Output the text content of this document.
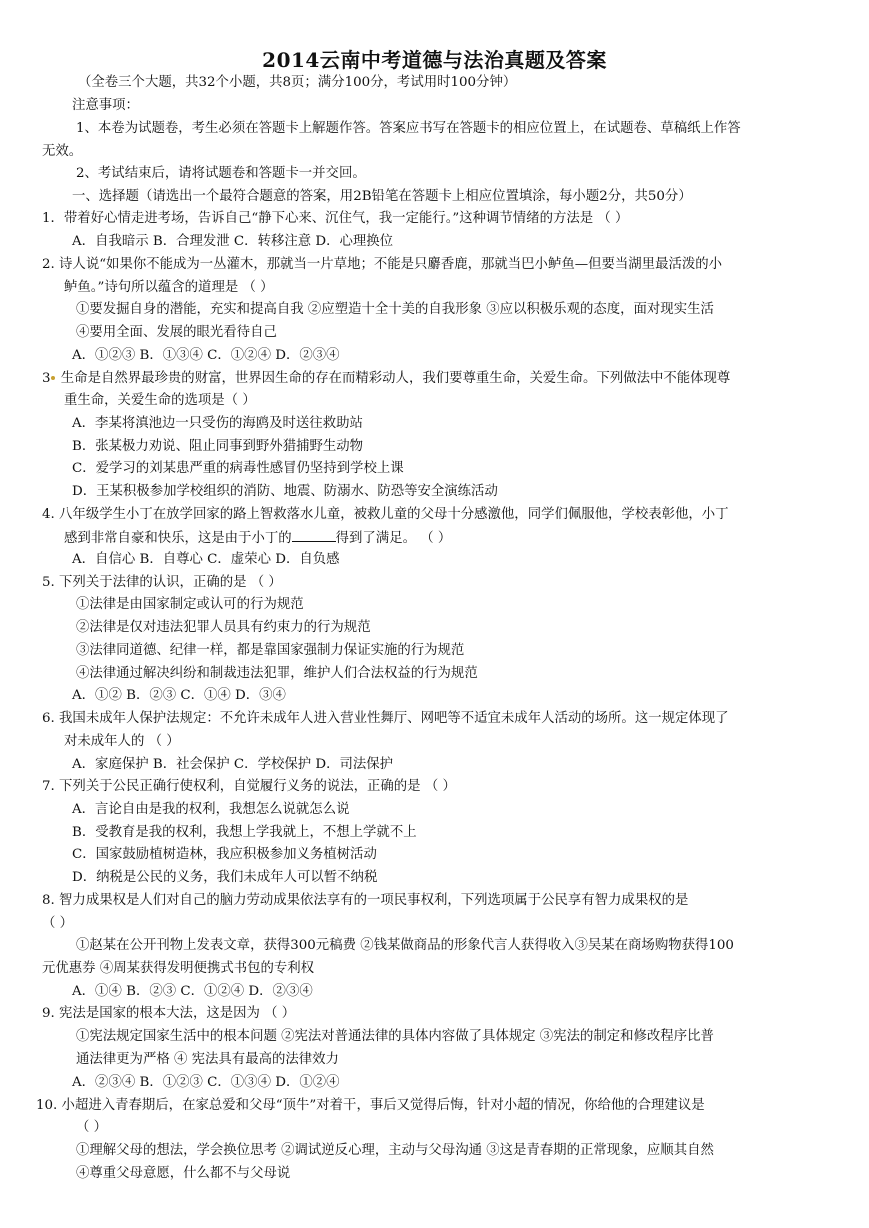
2014云南中考道德与法治真题及答案
（全卷三个大题，共32个小题，共8页；满分100分，考试用时100分钟）
注意事项：
1、本卷为试题卷，考生必须在答题卡上解题作答。答案应书写在答题卡的相应位置上，在试题卷、草稿纸上作答
无效。
2、考试结束后，请将试题卷和答题卡一并交回。
一、选择题（请选出一个最符合题意的答案，用2B铅笔在答题卡上相应位置填涂，每小题2分，共50分）
1．带着好心情走进考场，告诉自己“静下心来、沉住气，我一定能行。”这种调节情绪的方法是 （ ）
A．自我暗示 B．合理发泄 C．转移注意 D．心理换位
2. 诗人说“如果你不能成为一丛灌木，那就当一片草地；不能是只麝香鹿，那就当巴小鲈鱼—但要当湖里最活泼的小
鲈鱼。”诗句所以蕴含的道理是 （ ）
①要发掘自身的潜能，充实和提高自我 ②应塑造十全十美的自我形象 ③应以积极乐观的态度，面对现实生活
④要用全面、发展的眼光看待自己
A．①②③ B．①③④ C．①②④ D．②③④
3 生命是自然界最珍贵的财富，世界因生命的存在而精彩动人，我们要尊重生命，关爱生命。下列做法中不能体现尊
重生命，关爱生命的选项是（ ）
A．李某将滇池边一只受伤的海鸥及时送往救助站
B．张某极力劝说、阻止同事到野外猎捕野生动物
C．爱学习的刘某患严重的病毒性感冒仍坚持到学校上课
D．王某积极参加学校组织的消防、地震、防溺水、防恐等安全演练活动
4. 八年级学生小丁在放学回家的路上智救落水儿童，被救儿童的父母十分感激他，同学们佩服他，学校表彰他，小丁
感到非常自豪和快乐，这是由于小丁的	得到了满足。 （ ）
A．自信心 B．自尊心 C．虚荣心 D．自负感
5. 下列关于法律的认识，正确的是 （ ）
①法律是由国家制定或认可的行为规范
②法律是仅对违法犯罪人员具有约束力的行为规范
③法律同道德、纪律一样，都是靠国家强制力保证实施的行为规范
④法律通过解决纠纷和制裁违法犯罪，维护人们合法权益的行为规范
A．①② B．②③ C．①④ D．③④
6. 我国未成年人保护法规定：不允许未成年人进入营业性舞厅、网吧等不适宜未成年人活动的场所。这一规定体现了
对未成年人的 （ ）
A．家庭保护 B．社会保护 C．学校保护 D．司法保护
7. 下列关于公民正确行使权利，自觉履行义务的说法，正确的是 （ ）
A．言论自由是我的权利，我想怎么说就怎么说
B．受教育是我的权利，我想上学我就上，不想上学就不上
C．国家鼓励植树造林，我应积极参加义务植树活动
D．纳税是公民的义务，我们未成年人可以暂不纳税
8. 智力成果权是人们对自己的脑力劳动成果依法享有的一项民事权利，下列选项属于公民享有智力成果权的是
（ ）
①赵某在公开刊物上发表文章，获得300元稿费 ②钱某做商品的形象代言人获得收入③吴某在商场购物获得100
元优惠券 ④周某获得发明便携式书包的专利权
A．①④ B．②③ C．①②④ D．②③④
9. 宪法是国家的根本大法，这是因为 （ ）
①宪法规定国家生活中的根本问题 ②宪法对普通法律的具体内容做了具体规定 ③宪法的制定和修改程序比普
通法律更为严格 ④ 宪法具有最高的法律效力
A．②③④ B．①②③ C．①③④ D．①②④
10. 小超进入青春期后，在家总爱和父母“顶牛”对着干，事后又觉得后悔，针对小超的情况，你给他的合理建议是
（ ）
①理解父母的想法，学会换位思考 ②调试逆反心理，主动与父母沟通 ③这是青春期的正常现象，应顺其自然
④尊重父母意愿，什么都不与父母说
